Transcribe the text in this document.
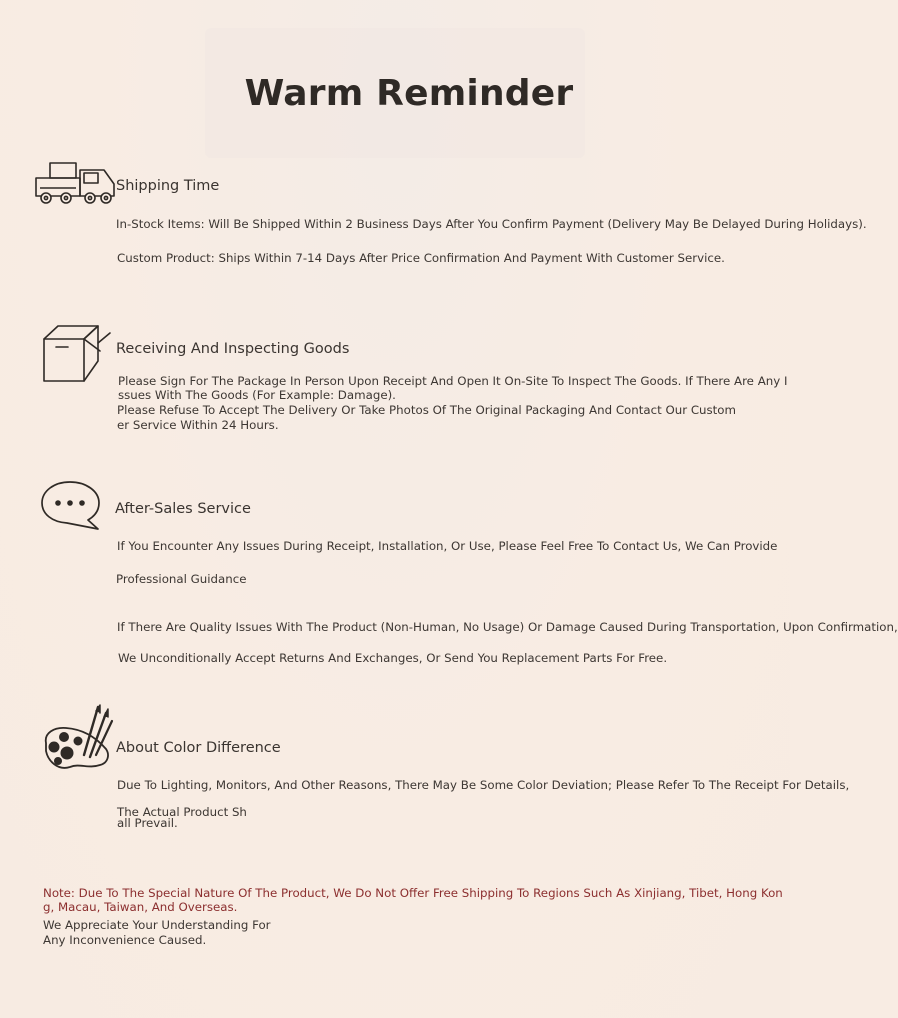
Warm Reminder
Shipping Time
In-Stock Items: Will Be Shipped Within 2 Business Days After You Confirm Payment (Delivery May Be Delayed During Holidays).
Custom Product: Ships Within 7-14 Days After Price Confirmation And Payment With Customer Service.
Receiving And Inspecting Goods
Please Sign For The Package In Person Upon Receipt And Open It On-Site To Inspect The Goods. If There Are Any I
ssues With The Goods (For Example: Damage).
Please Refuse To Accept The Delivery Or Take Photos Of The Original Packaging And Contact Our Custom
er Service Within 24 Hours.
After-Sales Service
If You Encounter Any Issues During Receipt, Installation, Or Use, Please Feel Free To Contact Us, We Can Provide
Professional Guidance
If There Are Quality Issues With The Product (Non-Human, No Usage) Or Damage Caused During Transportation, Upon Confirmation,
We Unconditionally Accept Returns And Exchanges, Or Send You Replacement Parts For Free.
About Color Difference
Due To Lighting, Monitors, And Other Reasons, There May Be Some Color Deviation; Please Refer To The Receipt For Details,
The Actual Product Sh
all Prevail.
Note: Due To The Special Nature Of The Product, We Do Not Offer Free Shipping To Regions Such As Xinjiang, Tibet, Hong Kon
g, Macau, Taiwan, And Overseas.
We Appreciate Your Understanding For
Any Inconvenience Caused.
